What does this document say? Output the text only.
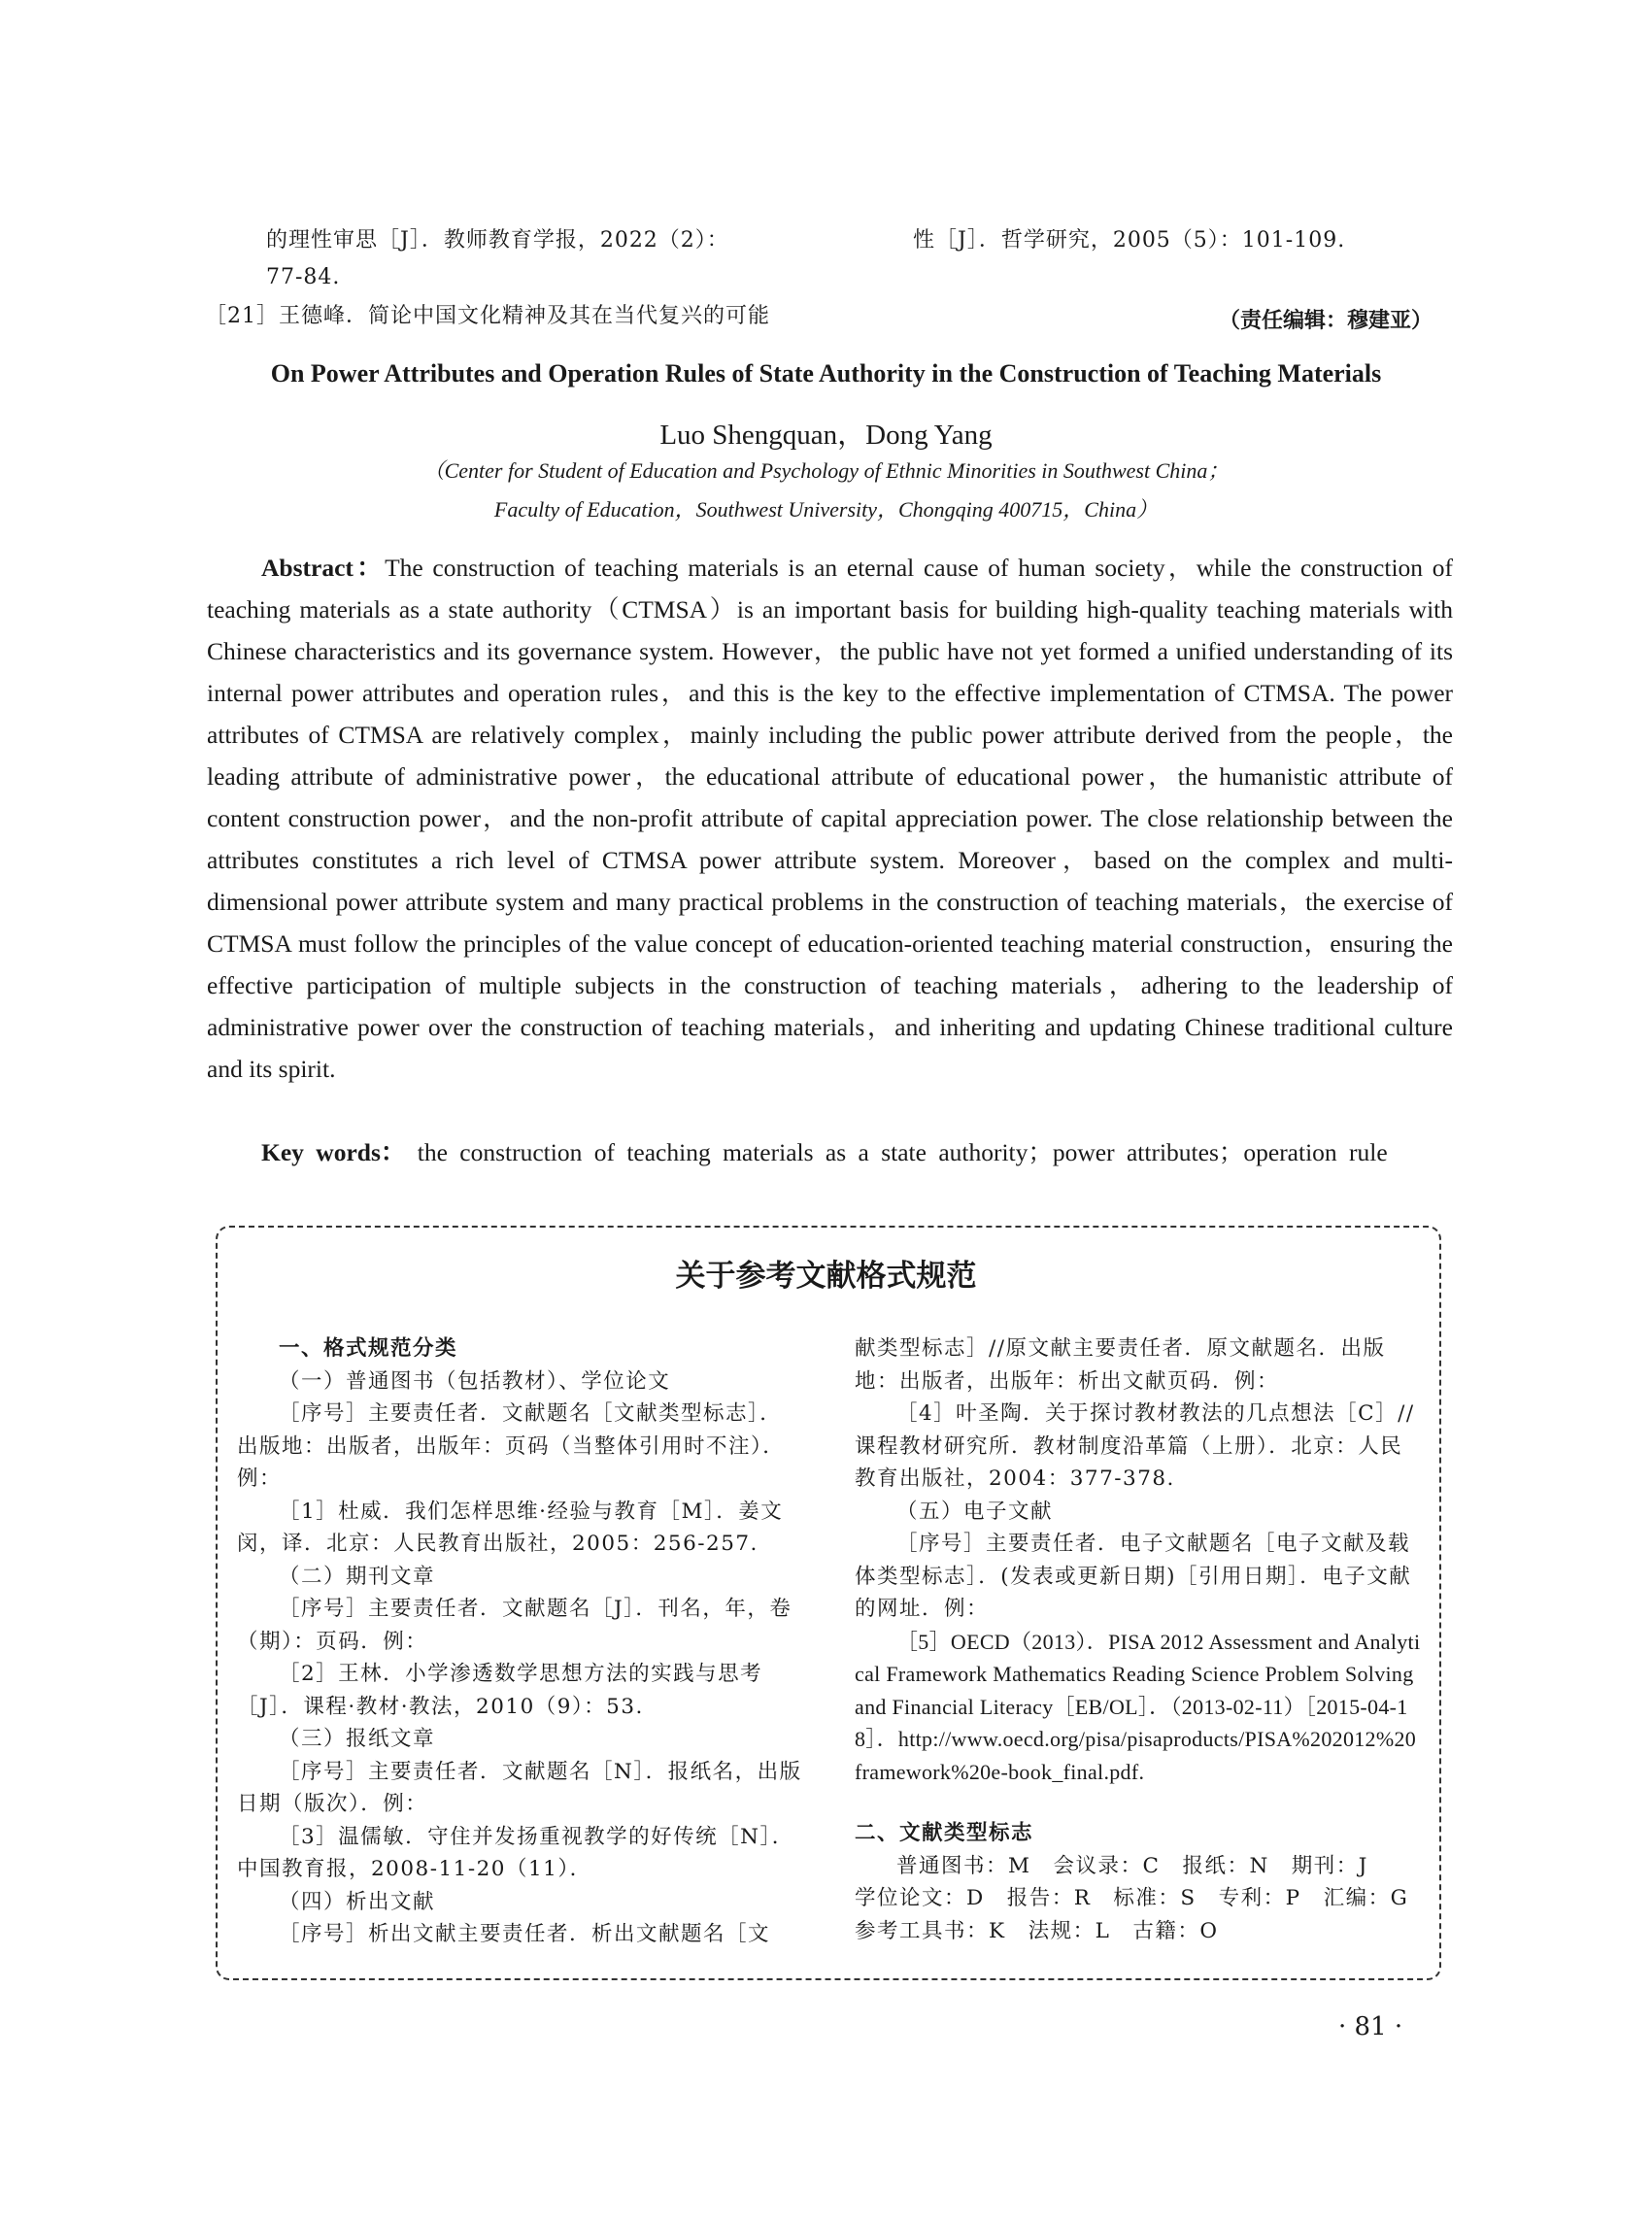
的理性审思［J］．教师教育学报，2022（2）：
77-84.
［21］王德峰．简论中国文化精神及其在当代复兴的可能
性［J］．哲学研究，2005（5）：101-109.
（责任编辑：穆建亚）
On Power Attributes and Operation Rules of State Authority in the Construction of Teaching Materials
Luo Shengquan，Dong Yang
（Center for Student of Education and Psychology of Ethnic Minorities in Southwest China；
Faculty of Education，Southwest University，Chongqing 400715，China）
Abstract：The construction of teaching materials is an eternal cause of human society，while the construction of teaching materials as a state authority（CTMSA）is an important basis for building high-quality teaching materials with Chinese characteristics and its governance system. However，the public have not yet formed a unified understanding of its internal power attributes and operation rules，and this is the key to the effective implementation of CTMSA. The power attributes of CTMSA are relatively complex，mainly including the public power attribute derived from the people，the leading attribute of administrative power，the educational attribute of educational power，the humanistic attribute of content construction power，and the non-profit attribute of capital appreciation power. The close relationship between the attributes constitutes a rich level of CTMSA power attribute system. Moreover，based on the complex and multi-dimensional power attribute system and many practical problems in the construction of teaching materials，the exercise of CTMSA must follow the principles of the value concept of education-oriented teaching material construction，ensuring the effective participation of multiple subjects in the construction of teaching materials，adhering to the leadership of administrative power over the construction of teaching materials，and inheriting and updating Chinese traditional culture and its spirit.
Key words： the construction of teaching materials as a state authority；power attributes；operation rule
关于参考文献格式规范

一、格式规范分类

（一）普通图书（包括教材）、学位论文

［序号］主要责任者．文献题名［文献类型标志］．出版地：出版者，出版年：页码（当整体引用时不注）．例：

［1］杜威．我们怎样思维·经验与教育［M］．姜文闵，译．北京：人民教育出版社，2005：256-257.

（二）期刊文章

［序号］主要责任者．文献题名［J］．刊名，年，卷（期）：页码．例：

［2］王林．小学渗透数学思想方法的实践与思考［J］．课程·教材·教法，2010（9）：53.

（三）报纸文章

［序号］主要责任者．文献题名［N］．报纸名，出版日期（版次）．例：

［3］温儒敏．守住并发扬重视教学的好传统［N］．中国教育报，2008-11-20（11）．

（四）析出文献

［序号］析出文献主要责任者．析出文献题名［文

献类型标志］//原文献主要责任者．原文献题名．出版地：出版者，出版年：析出文献页码．例：

［4］叶圣陶．关于探讨教材教法的几点想法［C］//课程教材研究所．教材制度沿革篇（上册）．北京：人民教育出版社，2004：377-378.

（五）电子文献

［序号］主要责任者．电子文献题名［电子文献及载体类型标志］．(发表或更新日期)［引用日期］．电子文献的网址．例：

［5］OECD（2013）．PISA 2012 Assessment and Analytical Framework Mathematics Reading Science Problem Solving and Financial Literacy［EB/OL］．（2013-02-11）［2015-04-18］．http://www.oecd.org/pisa/pisaproducts/PISA%202012%20framework%20e-book_final.pdf.

二、文献类型标志

普通图书：M　会议录：C　报纸：N　期刊：J

学位论文：D　报告：R　标准：S　专利：P　汇编：G

参考工具书：K　法规：L　古籍：O

· 81 ·
